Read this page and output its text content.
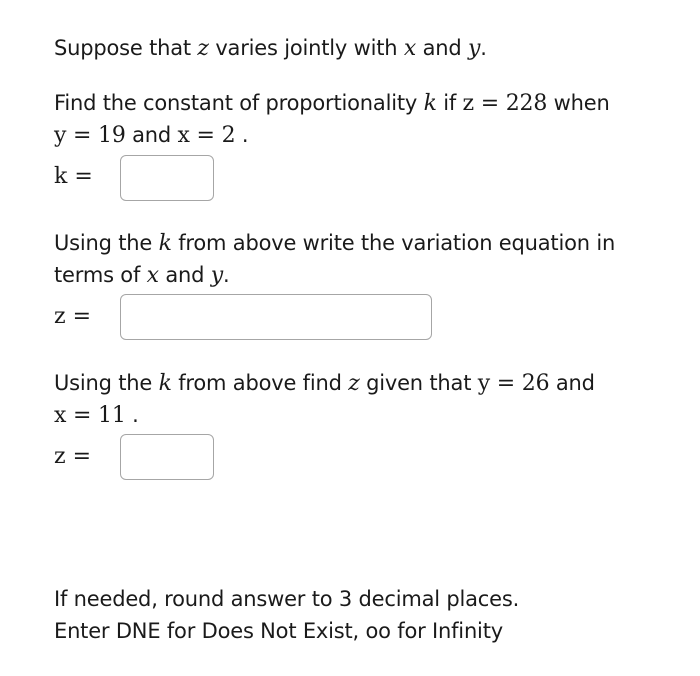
Suppose that z varies jointly with x and y.
Find the constant of proportionality k if z = 228 when
y = 19 and x = 2 .
k =
Using the k from above write the variation equation in
terms of x and y.
z =
Using the k from above find z given that y = 26 and
x = 11 .
z =
If needed, round answer to 3 decimal places.
Enter DNE for Does Not Exist, oo for Infinity
